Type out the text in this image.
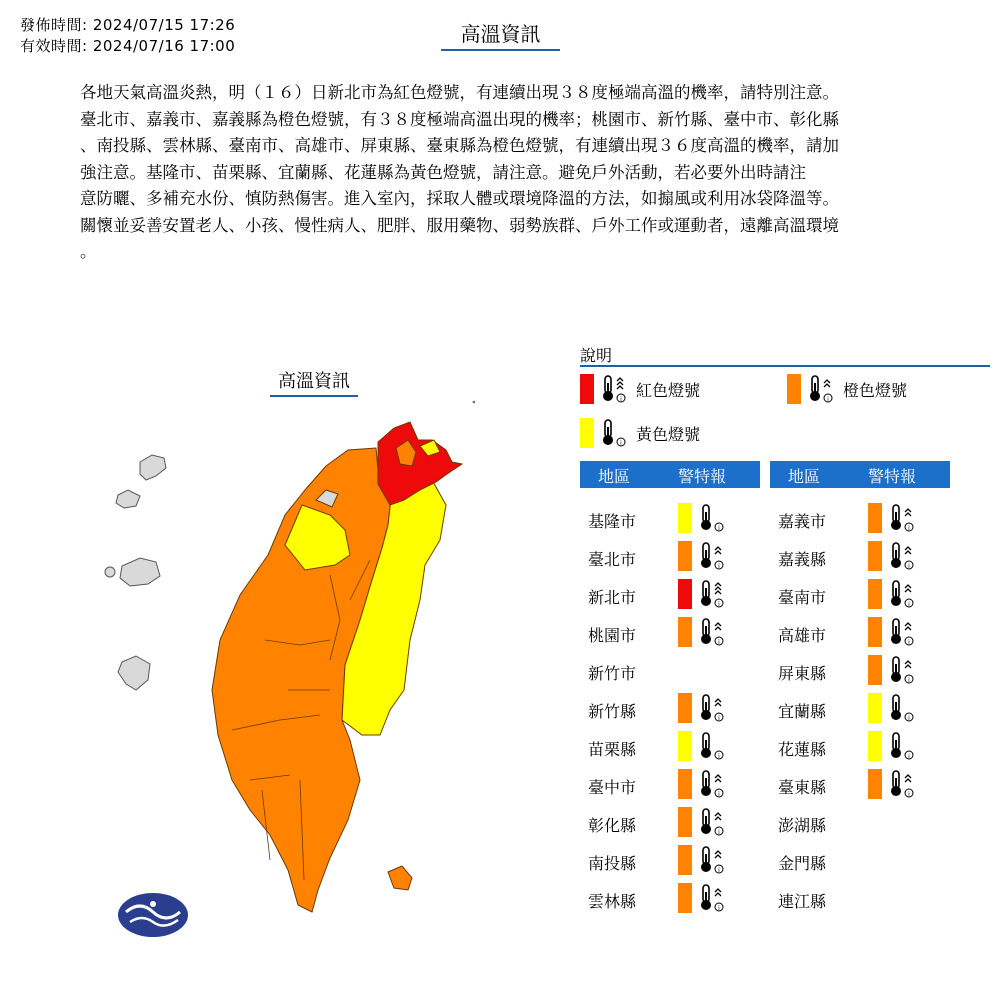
發佈時間: 2024/07/15 17:26
有效時間: 2024/07/16 17:00	高溫資訊

各地天氣高溫炎熱，明（１６）日新北市為紅色燈號，有連續出現３８度極端高溫的機率，請特別注意。
臺北市、嘉義市、嘉義縣為橙色燈號，有３８度極端高溫出現的機率；桃園市、新竹縣、臺中市、彰化縣
、南投縣、雲林縣、臺南市、高雄市、屏東縣、臺東縣為橙色燈號，有連續出現３６度高溫的機率，請加
強注意。基隆市、苗栗縣、宜蘭縣、花蓮縣為黃色燈號，請注意。避免戶外活動，若必要外出時請注
意防曬、多補充水份、慎防熱傷害。進入室內，採取人體或環境降溫的方法，如搧風或利用冰袋降溫等。
關懷並妥善安置老人、小孩、慢性病人、肥胖、服用藥物、弱勢族群、戶外工作或運動者，遠離高溫環境
。

高溫資訊
說明
i 紅色燈號	i 橙色燈號
i 黃色燈號
地區	警特報	地區	警特報
基隆市	i
臺北市	i
新北市	i
桃園市	i
新竹市
新竹縣	i
苗栗縣	i
臺中市	i
彰化縣	i
南投縣	i
雲林縣	i
嘉義市	i
嘉義縣	i
臺南市	i
高雄市	i
屏東縣	i
宜蘭縣	i
花蓮縣	i
臺東縣	i
澎湖縣
金門縣
連江縣
